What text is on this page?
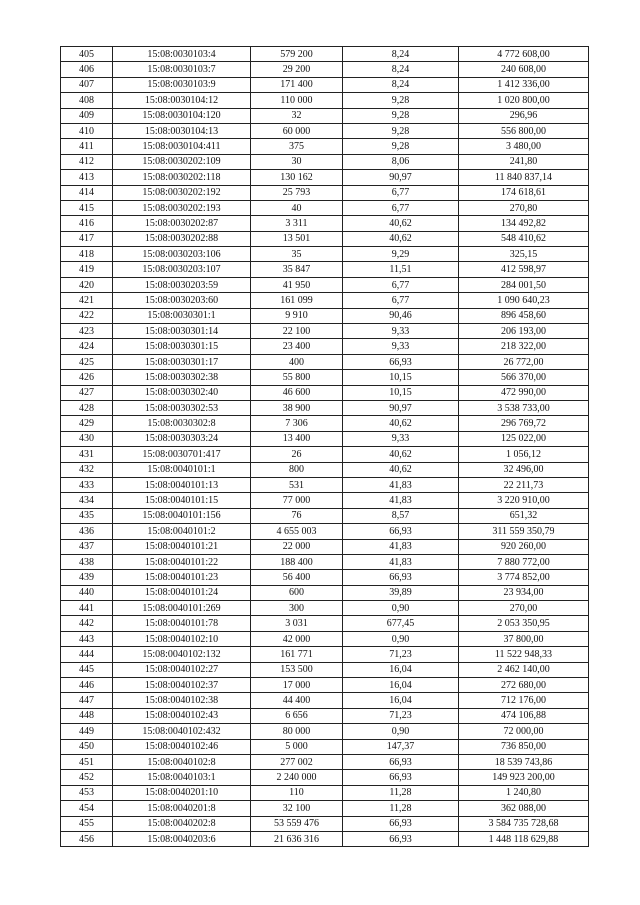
405	15:08:0030103:4	579 200	8,24	4 772 608,00
406	15:08:0030103:7	29 200	8,24	240 608,00
407	15:08:0030103:9	171 400	8,24	1 412 336,00
408	15:08:0030104:12	110 000	9,28	1 020 800,00
409	15:08:0030104:120	32	9,28	296,96
410	15:08:0030104:13	60 000	9,28	556 800,00
411	15:08:0030104:411	375	9,28	3 480,00
412	15:08:0030202:109	30	8,06	241,80
413	15:08:0030202:118	130 162	90,97	11 840 837,14
414	15:08:0030202:192	25 793	6,77	174 618,61
415	15:08:0030202:193	40	6,77	270,80
416	15:08:0030202:87	3 311	40,62	134 492,82
417	15:08:0030202:88	13 501	40,62	548 410,62
418	15:08:0030203:106	35	9,29	325,15
419	15:08:0030203:107	35 847	11,51	412 598,97
420	15:08:0030203:59	41 950	6,77	284 001,50
421	15:08:0030203:60	161 099	6,77	1 090 640,23
422	15:08:0030301:1	9 910	90,46	896 458,60
423	15:08:0030301:14	22 100	9,33	206 193,00
424	15:08:0030301:15	23 400	9,33	218 322,00
425	15:08:0030301:17	400	66,93	26 772,00
426	15:08:0030302:38	55 800	10,15	566 370,00
427	15:08:0030302:40	46 600	10,15	472 990,00
428	15:08:0030302:53	38 900	90,97	3 538 733,00
429	15:08:0030302:8	7 306	40,62	296 769,72
430	15:08:0030303:24	13 400	9,33	125 022,00
431	15:08:0030701:417	26	40,62	1 056,12
432	15:08:0040101:1	800	40,62	32 496,00
433	15:08:0040101:13	531	41,83	22 211,73
434	15:08:0040101:15	77 000	41,83	3 220 910,00
435	15:08:0040101:156	76	8,57	651,32
436	15:08:0040101:2	4 655 003	66,93	311 559 350,79
437	15:08:0040101:21	22 000	41,83	920 260,00
438	15:08:0040101:22	188 400	41,83	7 880 772,00
439	15:08:0040101:23	56 400	66,93	3 774 852,00
440	15:08:0040101:24	600	39,89	23 934,00
441	15:08:0040101:269	300	0,90	270,00
442	15:08:0040101:78	3 031	677,45	2 053 350,95
443	15:08:0040102:10	42 000	0,90	37 800,00
444	15:08:0040102:132	161 771	71,23	11 522 948,33
445	15:08:0040102:27	153 500	16,04	2 462 140,00
446	15:08:0040102:37	17 000	16,04	272 680,00
447	15:08:0040102:38	44 400	16,04	712 176,00
448	15:08:0040102:43	6 656	71,23	474 106,88
449	15:08:0040102:432	80 000	0,90	72 000,00
450	15:08:0040102:46	5 000	147,37	736 850,00
451	15:08:0040102:8	277 002	66,93	18 539 743,86
452	15:08:0040103:1	2 240 000	66,93	149 923 200,00
453	15:08:0040201:10	110	11,28	1 240,80
454	15:08:0040201:8	32 100	11,28	362 088,00
455	15:08:0040202:8	53 559 476	66,93	3 584 735 728,68
456	15:08:0040203:6	21 636 316	66,93	1 448 118 629,88
